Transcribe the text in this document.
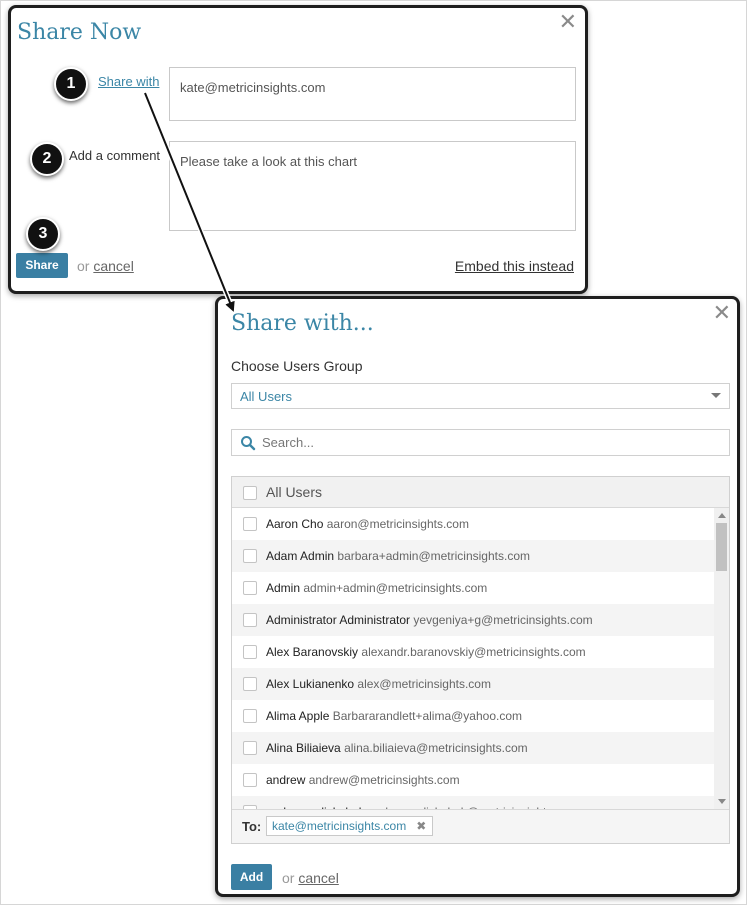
Share Now	✕
Share with	kate@metricinsights.com
Add a comment	Please take a look at this chart
Share	or cancel	Embed this instead
1
2
3
Share with...	✕
Choose Users Group
All Users
Search...
All Users
Aaron Cho aaron@metricinsights.com
Adam Admin barbara+admin@metricinsights.com
Admin admin+admin@metricinsights.com
Administrator Administrator yevgeniya+g@metricinsights.com
Alex Baranovskiy alexandr.baranovskiy@metricinsights.com
Alex Lukianenko alex@metricinsights.com
Alima Apple Barbararandlett+alima@yahoo.com
Alina Biliaieva alina.biliaieva@metricinsights.com
andrew andrew@metricinsights.com
To: kate@metricinsights.com ✖
Add	or cancel
